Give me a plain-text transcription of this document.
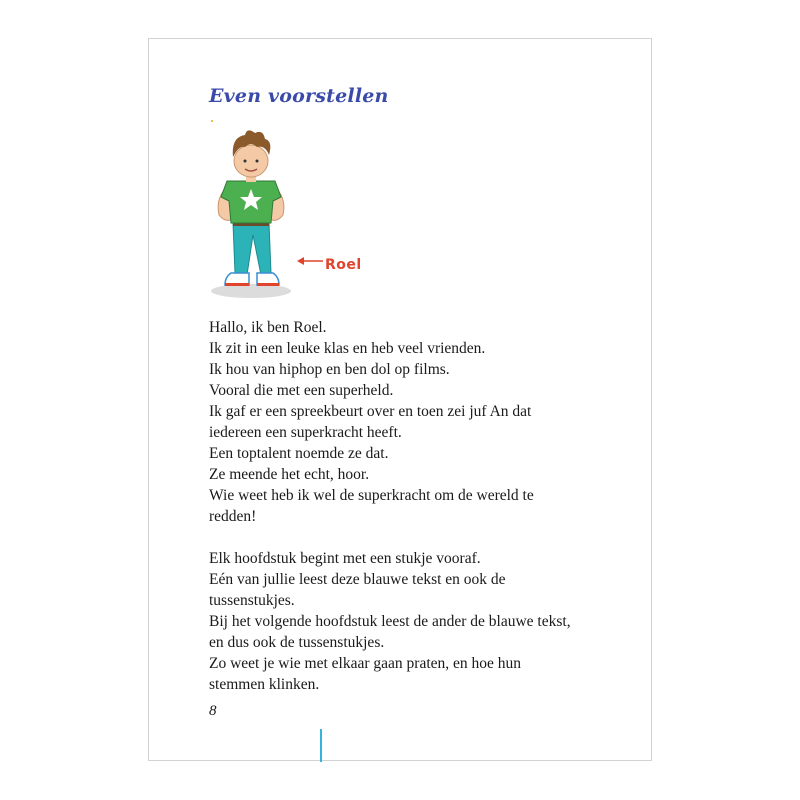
Even voorstellen
Roel
Hallo, ik ben Roel.
Ik zit in een leuke klas en heb veel vrienden.
Ik hou van hiphop en ben dol op films.
Vooral die met een superheld.
Ik gaf er een spreekbeurt over en toen zei juf An dat
iedereen een superkracht heeft.
Een toptalent noemde ze dat.
Ze meende het echt, hoor.
Wie weet heb ik wel de superkracht om de wereld te
redden!
Elk hoofdstuk begint met een stukje vooraf.
Eén van jullie leest deze blauwe tekst en ook de
tussenstukjes.
Bij het volgende hoofdstuk leest de ander de blauwe tekst,
en dus ook de tussenstukjes.
Zo weet je wie met elkaar gaan praten, en hoe hun
stemmen klinken.
8
